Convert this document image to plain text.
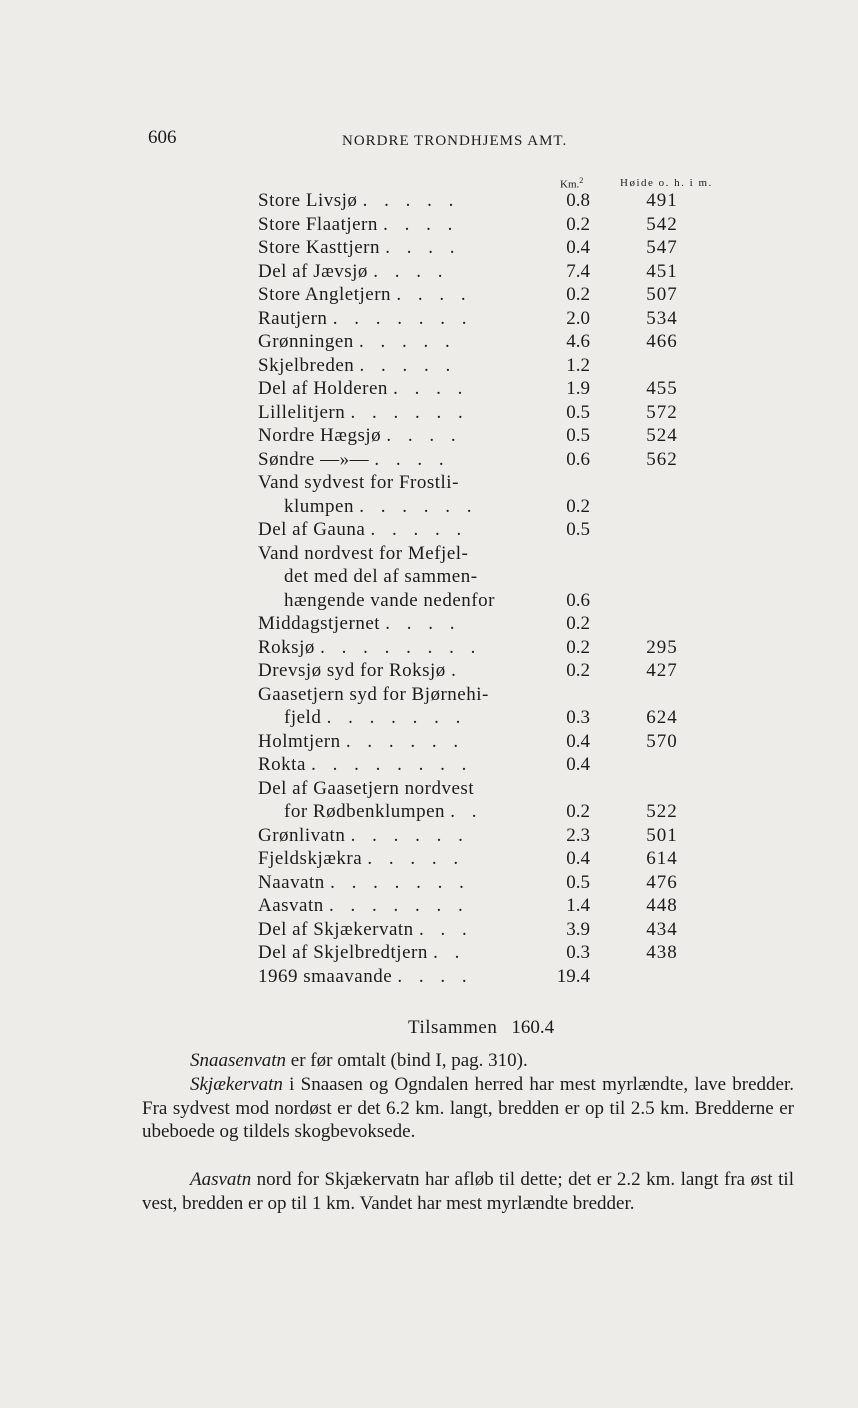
606	NORDRE TRONDHJEMS AMT.
Km.$^2$	Høide o. h. i m.
Store Livsjø . . . . .	0.8	491
Store Flaatjern . . . .	0.2	542
Store Kasttjern . . . .	0.4	547
Del af Jævsjø . . . .	7.4	451
Store Angletjern . . . .	0.2	507
Rautjern . . . . . . .	2.0	534
Grønningen . . . . .	4.6	466
Skjelbreden . . . . .	1.2
Del af Holderen . . . .	1.9	455
Lillelitjern . . . . . .	0.5	572
Nordre Hægsjø . . . .	0.5	524
Søndre —»— . . . .	0.6	562
Vand sydvest for Frostli-
klumpen . . . . . .	0.2
Del af Gauna . . . . .	0.5
Vand nordvest for Mefjel-
det med del af sammen-
hængende vande nedenfor	0.6
Middagstjernet . . . .	0.2
Roksjø . . . . . . . .	0.2	295
Drevsjø syd for Roksjø .	0.2	427
Gaasetjern syd for Bjørnehi-
fjeld . . . . . . .	0.3	624
Holmtjern . . . . . .	0.4	570
Rokta . . . . . . . .	0.4
Del af Gaasetjern nordvest
for Rødbenklumpen . .	0.2	522
Grønlivatn . . . . . .	2.3	501
Fjeldskjækra . . . . .	0.4	614
Naavatn . . . . . . .	0.5	476
Aasvatn . . . . . . .	1.4	448
Del af Skjækervatn . . .	3.9	434
Del af Skjelbredtjern . .	0.3	438
1969 smaavande . . . .	19.4
Tilsammen 160.4

Snaasenvatn er før omtalt (bind I, pag. 310).

Skjækervatn i Snaasen og Ogndalen herred har mest myrlændte, lave bredder. Fra sydvest mod nordøst er det 6.2 km. langt, bredden er op til 2.5 km. Bredderne er ubeboede og tildels skogbevoksede.

Aasvatn nord for Skjækervatn har afløb til dette; det er 2.2 km. langt fra øst til vest, bredden er op til 1 km. Vandet har mest myrlændte bredder.
